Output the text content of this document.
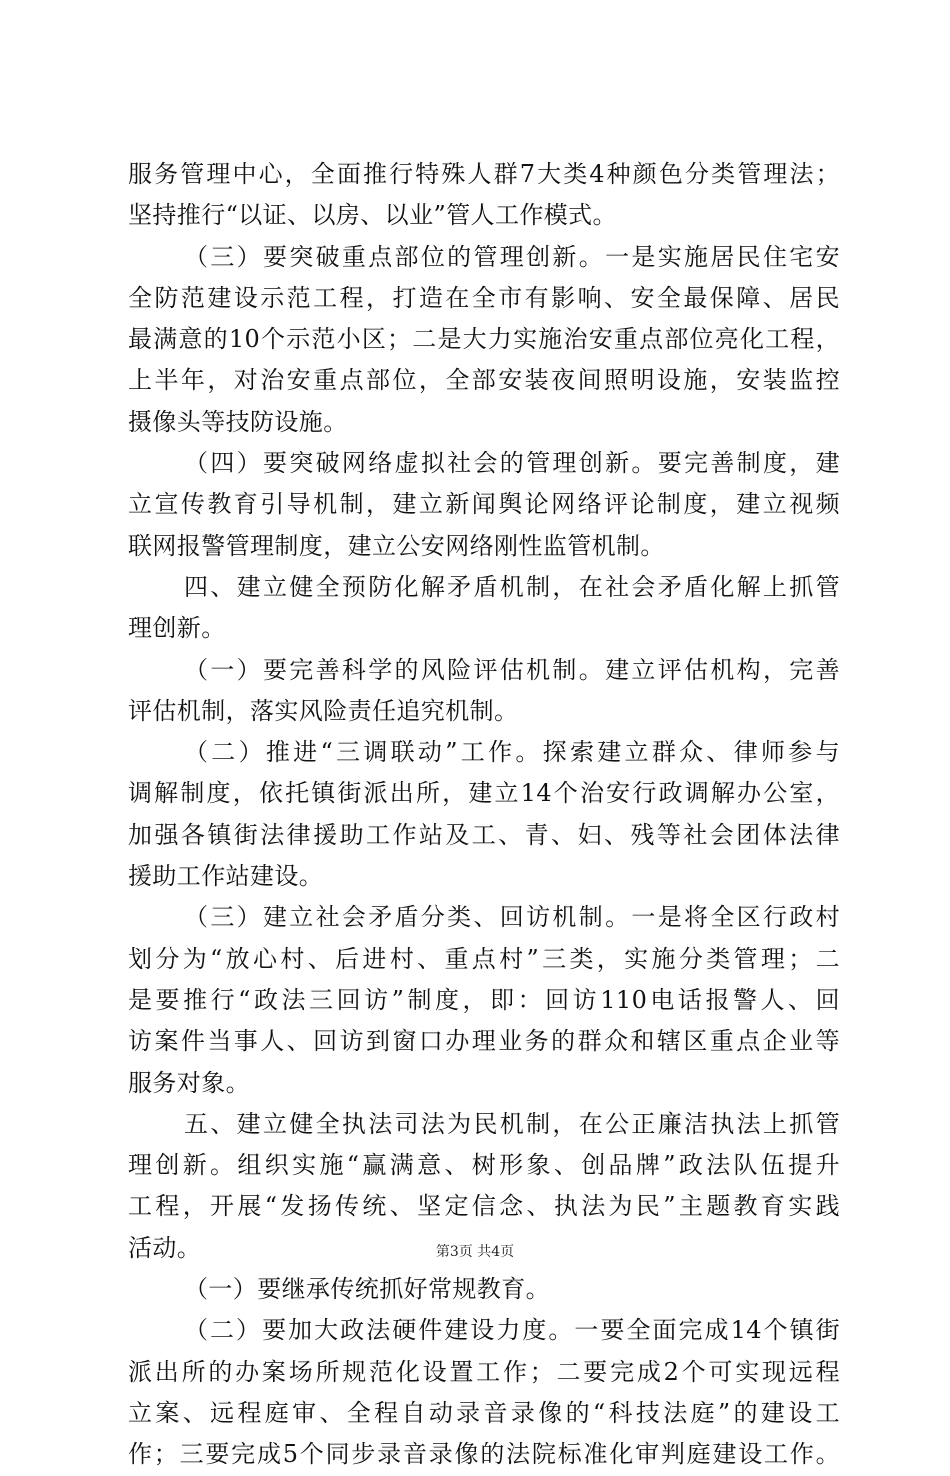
服务管理中心，全面推行特殊人群7大类4种颜色分类管理法；
坚持推行“以证、以房、以业”管人工作模式。
（三）要突破重点部位的管理创新。一是实施居民住宅安
全防范建设示范工程，打造在全市有影响、安全最保障、居民
最满意的10个示范小区；二是大力实施治安重点部位亮化工程，
上半年，对治安重点部位，全部安装夜间照明设施，安装监控
摄像头等技防设施。
（四）要突破网络虚拟社会的管理创新。要完善制度，建
立宣传教育引导机制，建立新闻舆论网络评论制度，建立视频
联网报警管理制度，建立公安网络刚性监管机制。
四、建立健全预防化解矛盾机制，在社会矛盾化解上抓管
理创新。
（一）要完善科学的风险评估机制。建立评估机构，完善
评估机制，落实风险责任追究机制。
（二）推进“三调联动”工作。探索建立群众、律师参与
调解制度，依托镇街派出所，建立14个治安行政调解办公室，
加强各镇街法律援助工作站及工、青、妇、残等社会团体法律
援助工作站建设。
（三）建立社会矛盾分类、回访机制。一是将全区行政村
划分为“放心村、后进村、重点村”三类，实施分类管理；二
是要推行“政法三回访”制度，即：回访110电话报警人、回
访案件当事人、回访到窗口办理业务的群众和辖区重点企业等
服务对象。
五、建立健全执法司法为民机制，在公正廉洁执法上抓管
理创新。组织实施“赢满意、树形象、创品牌”政法队伍提升
工程，开展“发扬传统、坚定信念、执法为民”主题教育实践
活动。
（一）要继承传统抓好常规教育。
（二）要加大政法硬件建设力度。一要全面完成14个镇街
派出所的办案场所规范化设置工作；二要完成2个可实现远程
立案、远程庭审、全程自动录音录像的“科技法庭”的建设工
作；三要完成5个同步录音录像的法院标准化审判庭建设工作。
第3页 共4页
